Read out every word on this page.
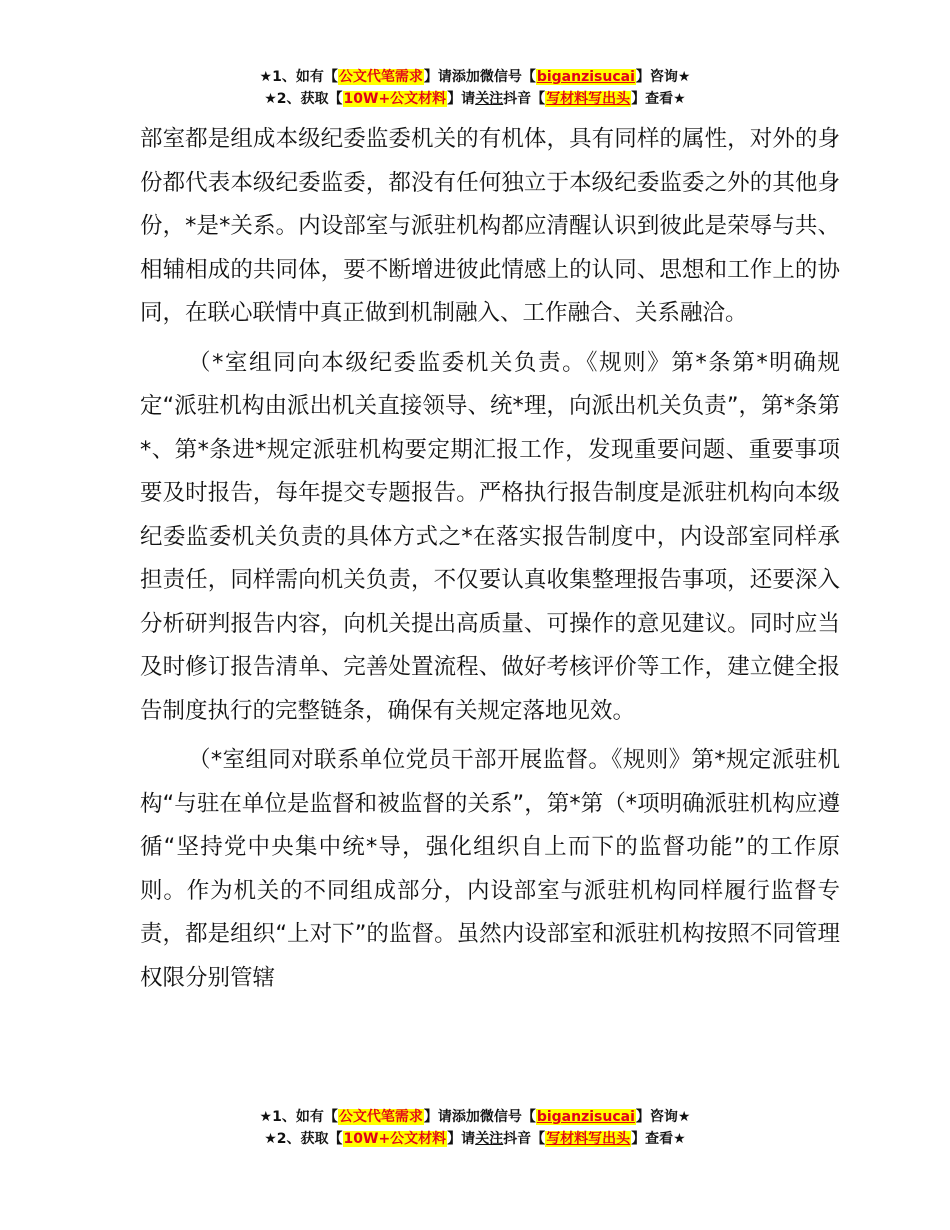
★1、如有【公文代笔需求】请添加微信号【biganzisucai】咨询★
★2、获取【10W+公文材料】请关注抖音【写材料写出头】查看★

部室都是组成本级纪委监委机关的有机体，具有同样的属性，对外的身份都代表本级纪委监委，都没有任何独立于本级纪委监委之外的其他身份，*是*关系。内设部室与派驻机构都应清醒认识到彼此是荣辱与共、相辅相成的共同体，要不断增进彼此情感上的认同、思想和工作上的协同，在联心联情中真正做到机制融入、工作融合、关系融洽。

（*室组同向本级纪委监委机关负责。《规则》第*条第*明确规定“派驻机构由派出机关直接领导、统*理，向派出机关负责”，第*条第*、第*条进*规定派驻机构要定期汇报工作，发现重要问题、重要事项要及时报告，每年提交专题报告。严格执行报告制度是派驻机构向本级纪委监委机关负责的具体方式之*在落实报告制度中，内设部室同样承担责任，同样需向机关负责，不仅要认真收集整理报告事项，还要深入分析研判报告内容，向机关提出高质量、可操作的意见建议。同时应当及时修订报告清单、完善处置流程、做好考核评价等工作，建立健全报告制度执行的完整链条，确保有关规定落地见效。

（*室组同对联系单位党员干部开展监督。《规则》第*规定派驻机构“与驻在单位是监督和被监督的关系”，第*第（*项明确派驻机构应遵循“坚持党中央集中统*导，强化组织自上而下的监督功能”的工作原则。作为机关的不同组成部分，内设部室与派驻机构同样履行监督专责，都是组织“上对下”的监督。虽然内设部室和派驻机构按照不同管理权限分别管辖

★1、如有【公文代笔需求】请添加微信号【biganzisucai】咨询★
★2、获取【10W+公文材料】请关注抖音【写材料写出头】查看★
